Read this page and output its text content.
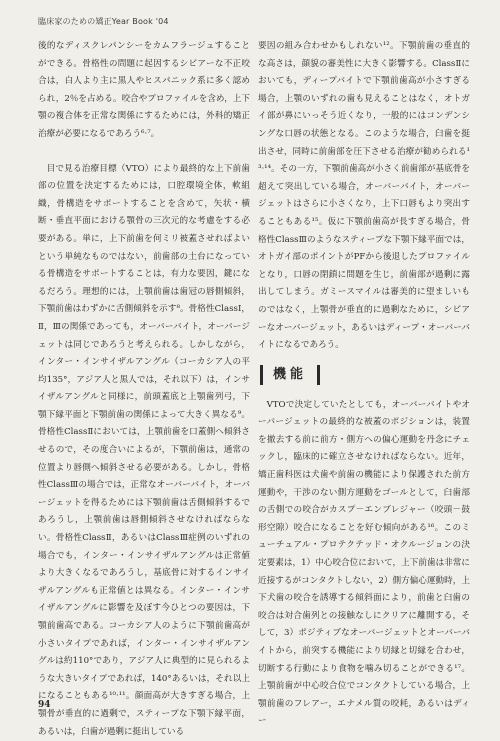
臨床家のための矯正Year Book '04

後的なディスクレパンシーをカムフラージュすることができる。骨格性の問題に起因するシビアーな不正咬合は，白人より主に黒人やヒスパニック系に多く認められ，2％を占める。咬合やプロファイルを含め，上下顎の複合体を正常な関係にするためには，外科的矯正治療が必要になるであろう⁶·⁷。

目で見る治療目標（VTO）により最終的な上下前歯部の位置を決定するためには，口腔環境全体，軟組織，骨構造をサポートすることを含めて，矢状・横断・垂直平面における顎骨の三次元的な考慮をする必要がある。単に，上下前歯を何ミリ被蓋させればよいという単純なものではない，前歯部の土台になっている骨構造をサポートすることは，有力な要因，鍵になるだろう。理想的には，上顎前歯は歯冠の唇側傾斜，下顎前歯はわずかに舌側傾斜を示す⁸。骨格性ClassⅠ，Ⅱ，Ⅲの関係であっても，オーバーバイト，オーバージェットは同じであろうと考えられる。しかしながら，インター・インサイザルアングル（コーカシア人の平均135°，アジア人と黒人では，それ以下）は，インサイザルアングルと同様に，前頭蓋底と上顎歯列弓，下顎下縁平面と下顎前歯の関係によって大きく異なる⁹。骨格性ClassⅡにおいては，上顎前歯を口蓋側へ傾斜させるので，その度合いによるが，下顎前歯は，通常の位置より唇側へ傾斜させる必要がある。しかし，骨格性ClassⅢの場合では，正常なオーバーバイト，オーバージェットを得るためには下顎前歯は舌側傾斜するであろうし，上顎前歯は唇側傾斜させなければならない。骨格性ClassⅡ，あるいはClassⅢ症例のいずれの場合でも，インター・インサイザルアングルは正常値より大きくなるであろうし，基底骨に対するインサイザルアングルも正常値とは異なる。インター・インサイザルアングルに影響を及ぼす今ひとつの要因は，下顎前歯高である。コーカシア人のように下顎前歯高が小さいタイプであれば，インター・インサイザルアングルは約110°であり，アジア人に典型的に見られるような大きいタイプであれば，140°あるいは，それ以上になることもある¹⁰·¹¹。顔面高が大きすぎる場合，上顎骨が垂直的に過剰で，スティープな下顎下縁平面，あるいは，臼歯が過剰に挺出している

要因の組み合わせかもしれない¹²。下顎前歯の垂直的な高さは，顔貌の審美性に大きく影響する。ClassⅡにおいても，ディープバイトで下顎前歯高が小さすぎる場合，上顎のいずれの歯も見えることはなく，オトガイ部が鼻にいっそう近くなり，一般的にはコンデンシングな口唇の状態となる。このような場合，臼歯を挺出させ，同時に前歯部を圧下させる治療が勧められる¹³·¹⁴。その一方，下顎前歯高が小さく前歯部が基底骨を超えて突出している場合，オーバーバイト，オーバージェットはさらに小さくなり，上下口唇もより突出することもある¹⁵。仮に下顎前歯高が長すぎる場合，骨格性ClassⅢのようなスティープな下顎下縁平面では，オトガイ部のポイントがPFから後退したプロファイルとなり，口唇の閉鎖に問題を生じ，前歯部が過剰に露出してしまう。ガミースマイルは審美的に望ましいものではなく，上顎骨が垂直的に過剰なために，シビアーなオーバージェット，あるいはディープ・オーバーバイトになるであろう。

機能

VTOで決定していたとしても，オーバーバイトやオーバージェットの最終的な被蓋のポジションは，装置を撤去する前に前方・側方への偏心運動を丹念にチェックし，臨床的に確立させなければならない。近年，矯正歯科医は犬歯や前歯の機能により保護された前方運動や，干渉のない側方運動をゴールとして，臼歯部の舌側での咬合がカスプ－エンブレジャー（咬頭－鼓形空隙）咬合になることを好む傾向がある¹⁶。このミューチュアル・プロテクテッド・オクルージョンの決定要素は，1）中心咬合位において，上下前歯は非常に近接するがコンタクトしない，2）側方偏心運動時，上下犬歯の咬合を誘導する傾斜面により，前歯と臼歯の咬合は対合歯列との接触なしにクリアに離開する，そして，3）ポジティブなオーバージェットとオーバーバイトから，前突する機能により切縁と切縁を合わせ，切断する行動により食物を噛み切ることができる¹⁷。上顎前歯が中心咬合位でコンタクトしている場合，上顎前歯のフレアー，エナメル質の咬耗，あるいはディー

94
